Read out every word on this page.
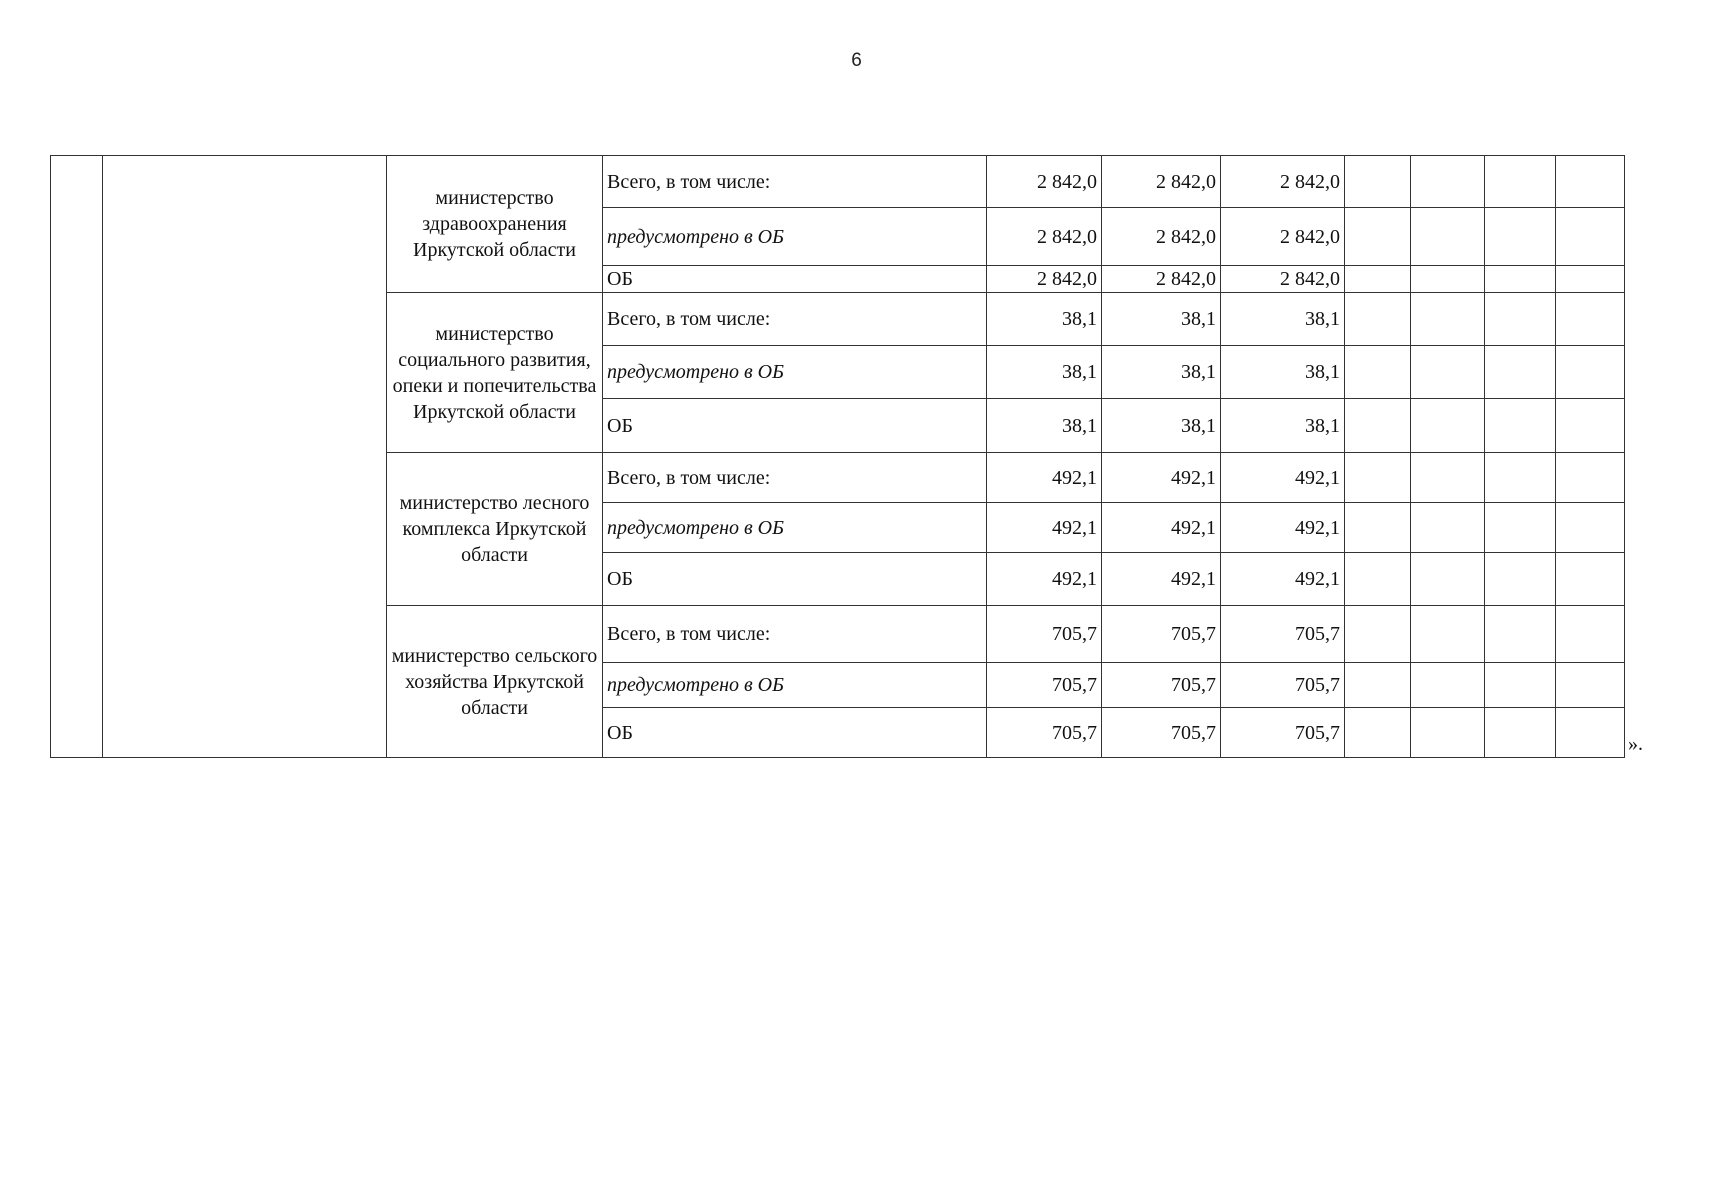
6
		министерство здравоохранения Иркутской области	Всего, в том числе:	2 842,0	2 842,0	2 842,0				
			предусмотрено в ОБ	2 842,0	2 842,0	2 842,0				
			ОБ	2 842,0	2 842,0	2 842,0				
		министерство социального развития, опеки и попечительства Иркутской области	Всего, в том числе:	38,1	38,1	38,1				
			предусмотрено в ОБ	38,1	38,1	38,1				
			ОБ	38,1	38,1	38,1				
		министерство лесного комплекса Иркутской области	Всего, в том числе:	492,1	492,1	492,1				
			предусмотрено в ОБ	492,1	492,1	492,1				
			ОБ	492,1	492,1	492,1				
		министерство сельского хозяйства Иркутской области	Всего, в том числе:	705,7	705,7	705,7				
			предусмотрено в ОБ	705,7	705,7	705,7				
			ОБ	705,7	705,7	705,7				
».
